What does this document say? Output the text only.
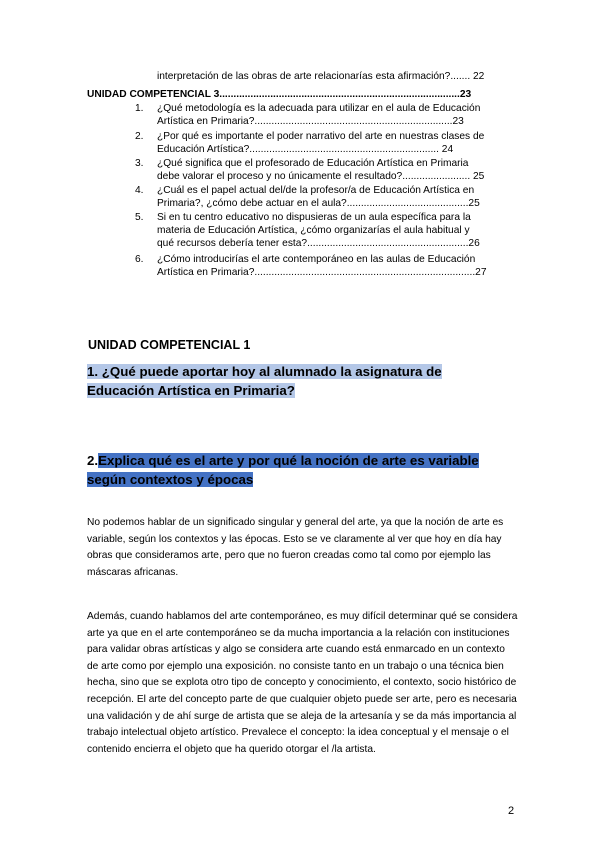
interpretación de las obras de arte relacionarías esta afirmación?....... 22
UNIDAD COMPETENCIAL 3.....................................................................................23
1. ¿Qué metodología es la adecuada para utilizar en el aula de Educación
Artística en Primaria?......................................................................23
2. ¿Por qué es importante el poder narrativo del arte en nuestras clases de
Educación Artística?................................................................... 24
3. ¿Qué significa que el profesorado de Educación Artística en Primaria
debe valorar el proceso y no únicamente el resultado?........................ 25
4. ¿Cuál es el papel actual del/de la profesor/a de Educación Artística en
Primaria?, ¿cómo debe actuar en el aula?...........................................25
5. Si en tu centro educativo no dispusieras de un aula específica para la
materia de Educación Artística, ¿cómo organizarías el aula habitual y
qué recursos debería tener esta?.........................................................26
6. ¿Cómo introducirías el arte contemporáneo en las aulas de Educación
Artística en Primaria?..............................................................................27
UNIDAD COMPETENCIAL 1
1. ¿Qué puede aportar hoy al alumnado la asignatura de
Educación Artística en Primaria?
2.Explica qué es el arte y por qué la noción de arte es variable
según contextos y épocas
No podemos hablar de un significado singular y general del arte, ya que la noción de arte es variable, según los contextos y las épocas. Esto se ve claramente al ver que hoy en día hay obras que consideramos arte, pero que no fueron creadas como tal como por ejemplo las máscaras africanas.
Además, cuando hablamos del arte contemporáneo, es muy difícil determinar qué se considera arte ya que en el arte contemporáneo se da mucha importancia a la relación con instituciones para validar obras artísticas y algo se considera arte cuando está enmarcado en un contexto de arte como por ejemplo una exposición. no consiste tanto en un trabajo o una técnica bien hecha, sino que se explota otro tipo de concepto y conocimiento, el contexto, socio histórico de recepción. El arte del concepto parte de que cualquier objeto puede ser arte, pero es necesaria una validación y de ahí surge de artista que se aleja de la artesanía y se da más importancia al trabajo intelectual objeto artístico. Prevalece el concepto: la idea conceptual y el mensaje o el contenido encierra el objeto que ha querido otorgar el /la artista.
2
